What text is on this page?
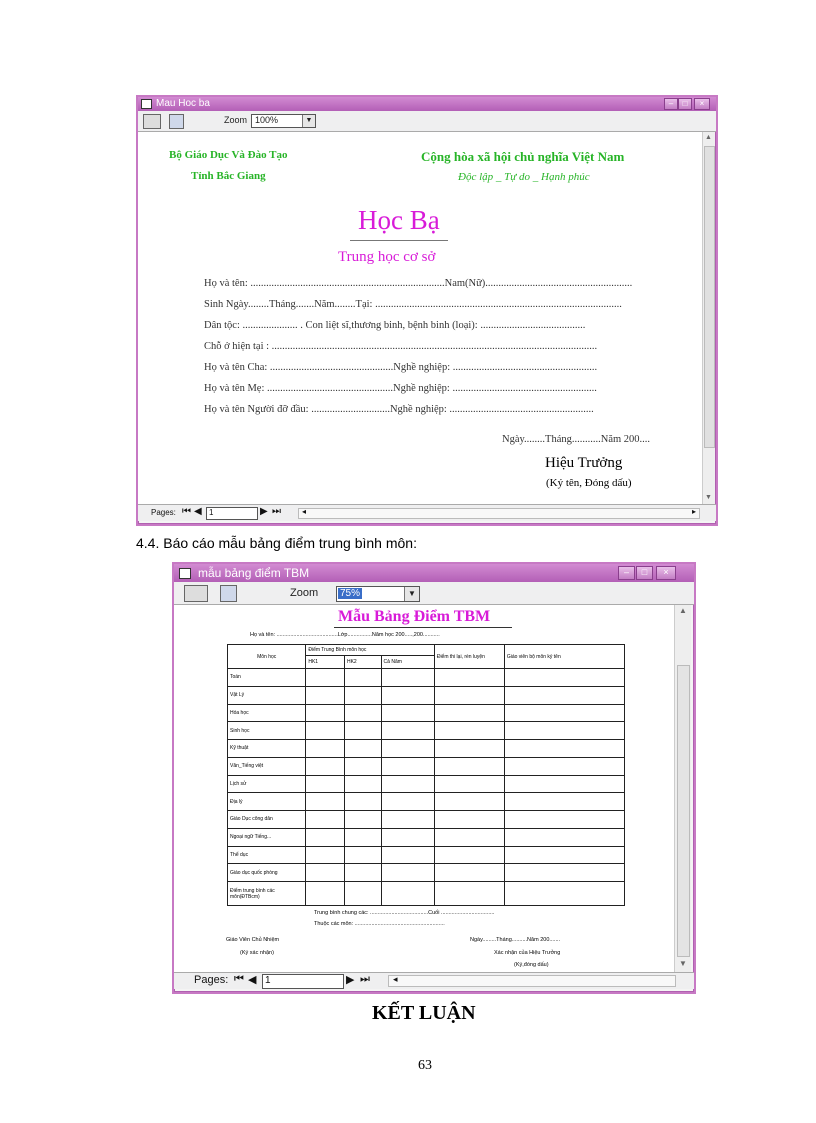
Mau Hoc ba	–	□	×
Zoom 100%	▼
Bộ Giáo Dục Và Đào Tạo
Tỉnh Bắc Giang
Cộng hòa xã hội chủ nghĩa Việt Nam
Độc lập _ Tự do _ Hạnh phúc
Học Bạ
Trung học cơ sở
Họ và tên: ..........................................................................Nam(Nữ)........................................................
Sinh Ngày........Tháng.......Năm........Tại: ..............................................................................................
Dân tộc: ..................... . Con liệt sĩ,thương binh, bệnh binh (loại): ........................................
Chỗ ở hiện tại : ............................................................................................................................
Họ và tên Cha: ...............................................Nghề nghiệp: .......................................................
Họ và tên Mẹ: ................................................Nghề nghiệp: .......................................................
Họ và tên Người đỡ đầu: ..............................Nghề nghiệp: .......................................................
Ngày........Tháng...........Năm 200....
Hiệu Trưởng
(Ký tên, Đóng dấu)
▲
▼
Pages: ⏮ ◀ 1	▶ ⏭	◂	▸
4.4. Báo cáo mẫu bảng điểm trung bình môn:
mẫu bảng điểm TBM	–	□	×
Zoom 75%	▼
Mẫu Bảng Điểm TBM
Họ và tên: ........................................Lớp................Năm học 200.....,200...........
Môn học	Điểm Trung Bình môn học			Điểm thi lại, rèn luyện	Giáo viên bộ môn ký tên
	HK1	HK2	Cả Năm		
Toán					
Vật Lý					
Hóa học					
Sinh học					
Kỹ thuật					
Văn_Tiếng việt					
Lịch sử					
Địa lý					
Giáo Dục công dân					
Ngoại ngữ Tiếng...					
Thể dục					
Giáo dục quốc phòng					
Điểm trung bình các môn(ĐTBcm)					
Trung bình chung các: ......................................Cuối ...................................
Thuộc các môn: ...........................................................
Giáo Viên Chủ Nhiệm
(Ký xác nhận)
Ngày.........Tháng..........Năm 200.......
Xác nhận của Hiệu Trưởng
(Ký,đóng dấu)
▲
▼
Pages: ⏮ ◀ 1	▶ ⏭	◂
KẾT LUẬN
63
